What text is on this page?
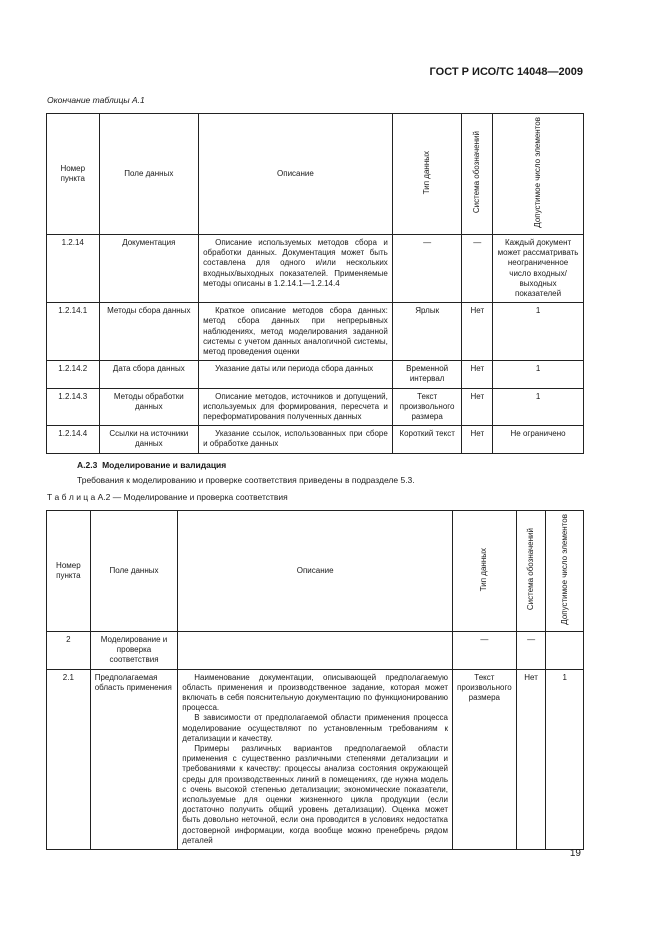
ГОСТ Р ИСО/ТС 14048—2009
Окончание таблицы А.1
Номер пункта	Поле данных	Описание	Тип данных	Система обозначений	Допустимое число элементов
1.2.14	Документация	Описание используемых методов сбора и обработки данных. Документация может быть составлена для одного и/или нескольких входных/выходных показателей. Применяемые методы описаны в 1.2.14.1—1.2.14.4	—	—	Каждый документ может рассматривать неограниченное число входных/выходных показателей
1.2.14.1	Методы сбора данных	Краткое описание методов сбора данных: метод сбора данных при непрерывных наблюдениях, метод моделирования заданной системы с учетом данных аналогичной системы, метод проведения оценки	Ярлык	Нет	1
1.2.14.2	Дата сбора данных	Указание даты или периода сбора данных	Временной интервал	Нет	1
1.2.14.3	Методы обработки данных	Описание методов, источников и допущений, используемых для формирования, пересчета и переформатирования полученных данных	Текст произвольного размера	Нет	1
1.2.14.4	Ссылки на источники данных	Указание ссылок, использованных при сборе и обработке данных	Короткий текст	Нет	Не ограничено
А.2.3 Моделирование и валидация
Требования к моделированию и проверке соответствия приведены в подразделе 5.3.
Т а б л и ц а А.2 — Моделирование и проверка соответствия
Номер пункта	Поле данных	Описание	Тип данных	Система обозначений	Допустимое число элементов
2	Моделирование и проверка соответствия		—	—	
2.1	Предполагаемая область применения	Наименование документации, описывающей предполагаемую область применения и производственное задание, которая может включать в себя пояснительную документацию по функционированию процесса.

В зависимости от предполагаемой области применения процесса моделирование осуществляют по установленным требованиям к детализации и качеству.

Примеры различных вариантов предполагаемой области применения с существенно различными степенями детализации и требованиями к качеству: процессы анализа состояния окружающей среды для производственных линий в помещениях, где нужна модель с очень высокой степенью детализации; экономические показатели, используемые для оценки жизненного цикла продукции (если достаточно получить общий уровень детализации). Оценка может быть довольно неточной, если она проводится в условиях недостатка достоверной информации, когда вообще можно пренебречь рядом деталей	Текст произвольного размера	Нет	1
19
